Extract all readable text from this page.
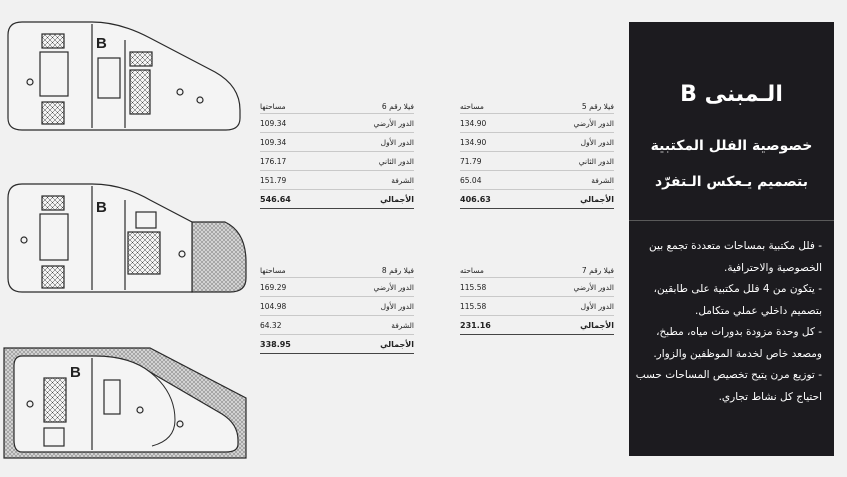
B
B
B
فيلا رقم 6
مساحتها
الدور الأرضي
109.34
الدور الأول
109.34
الدور الثاني
176.17
الشرفة
151.79
الأجمالي
546.64
فيلا رقم 5
مساحته
الدور الأرضي
134.90
الدور الأول
134.90
الدور الثاني
71.79
الشرفة
65.04
الأجمالي
406.63
فيلا رقم 8
مساحتها
الدور الأرضي
169.29
الدور الأول
104.98
الشرفة
64.32
الأجمالي
338.95
فيلا رقم 7
مساحته
الدور الأرضي
115.58
الدور الأول
115.58
الأجمالي
231.16
الـمبنى B
خصوصية الفلل المكتبية
بتصميم يـعكس الـتفرّد
- فلل مكتبية بمساحات متعددة تجمع بين الخصوصية والاحترافية.
- يتكون من 4 فلل مكتبية على طابقين، بتصميم داخلي عملي متكامل.
- كل وحدة مزودة بدورات مياه، مطبخ، ومصعد خاص لخدمة الموظفين والزوار.
- توزيع مرن يتيح تخصيص المساحات حسب احتياج كل نشاط تجاري.
